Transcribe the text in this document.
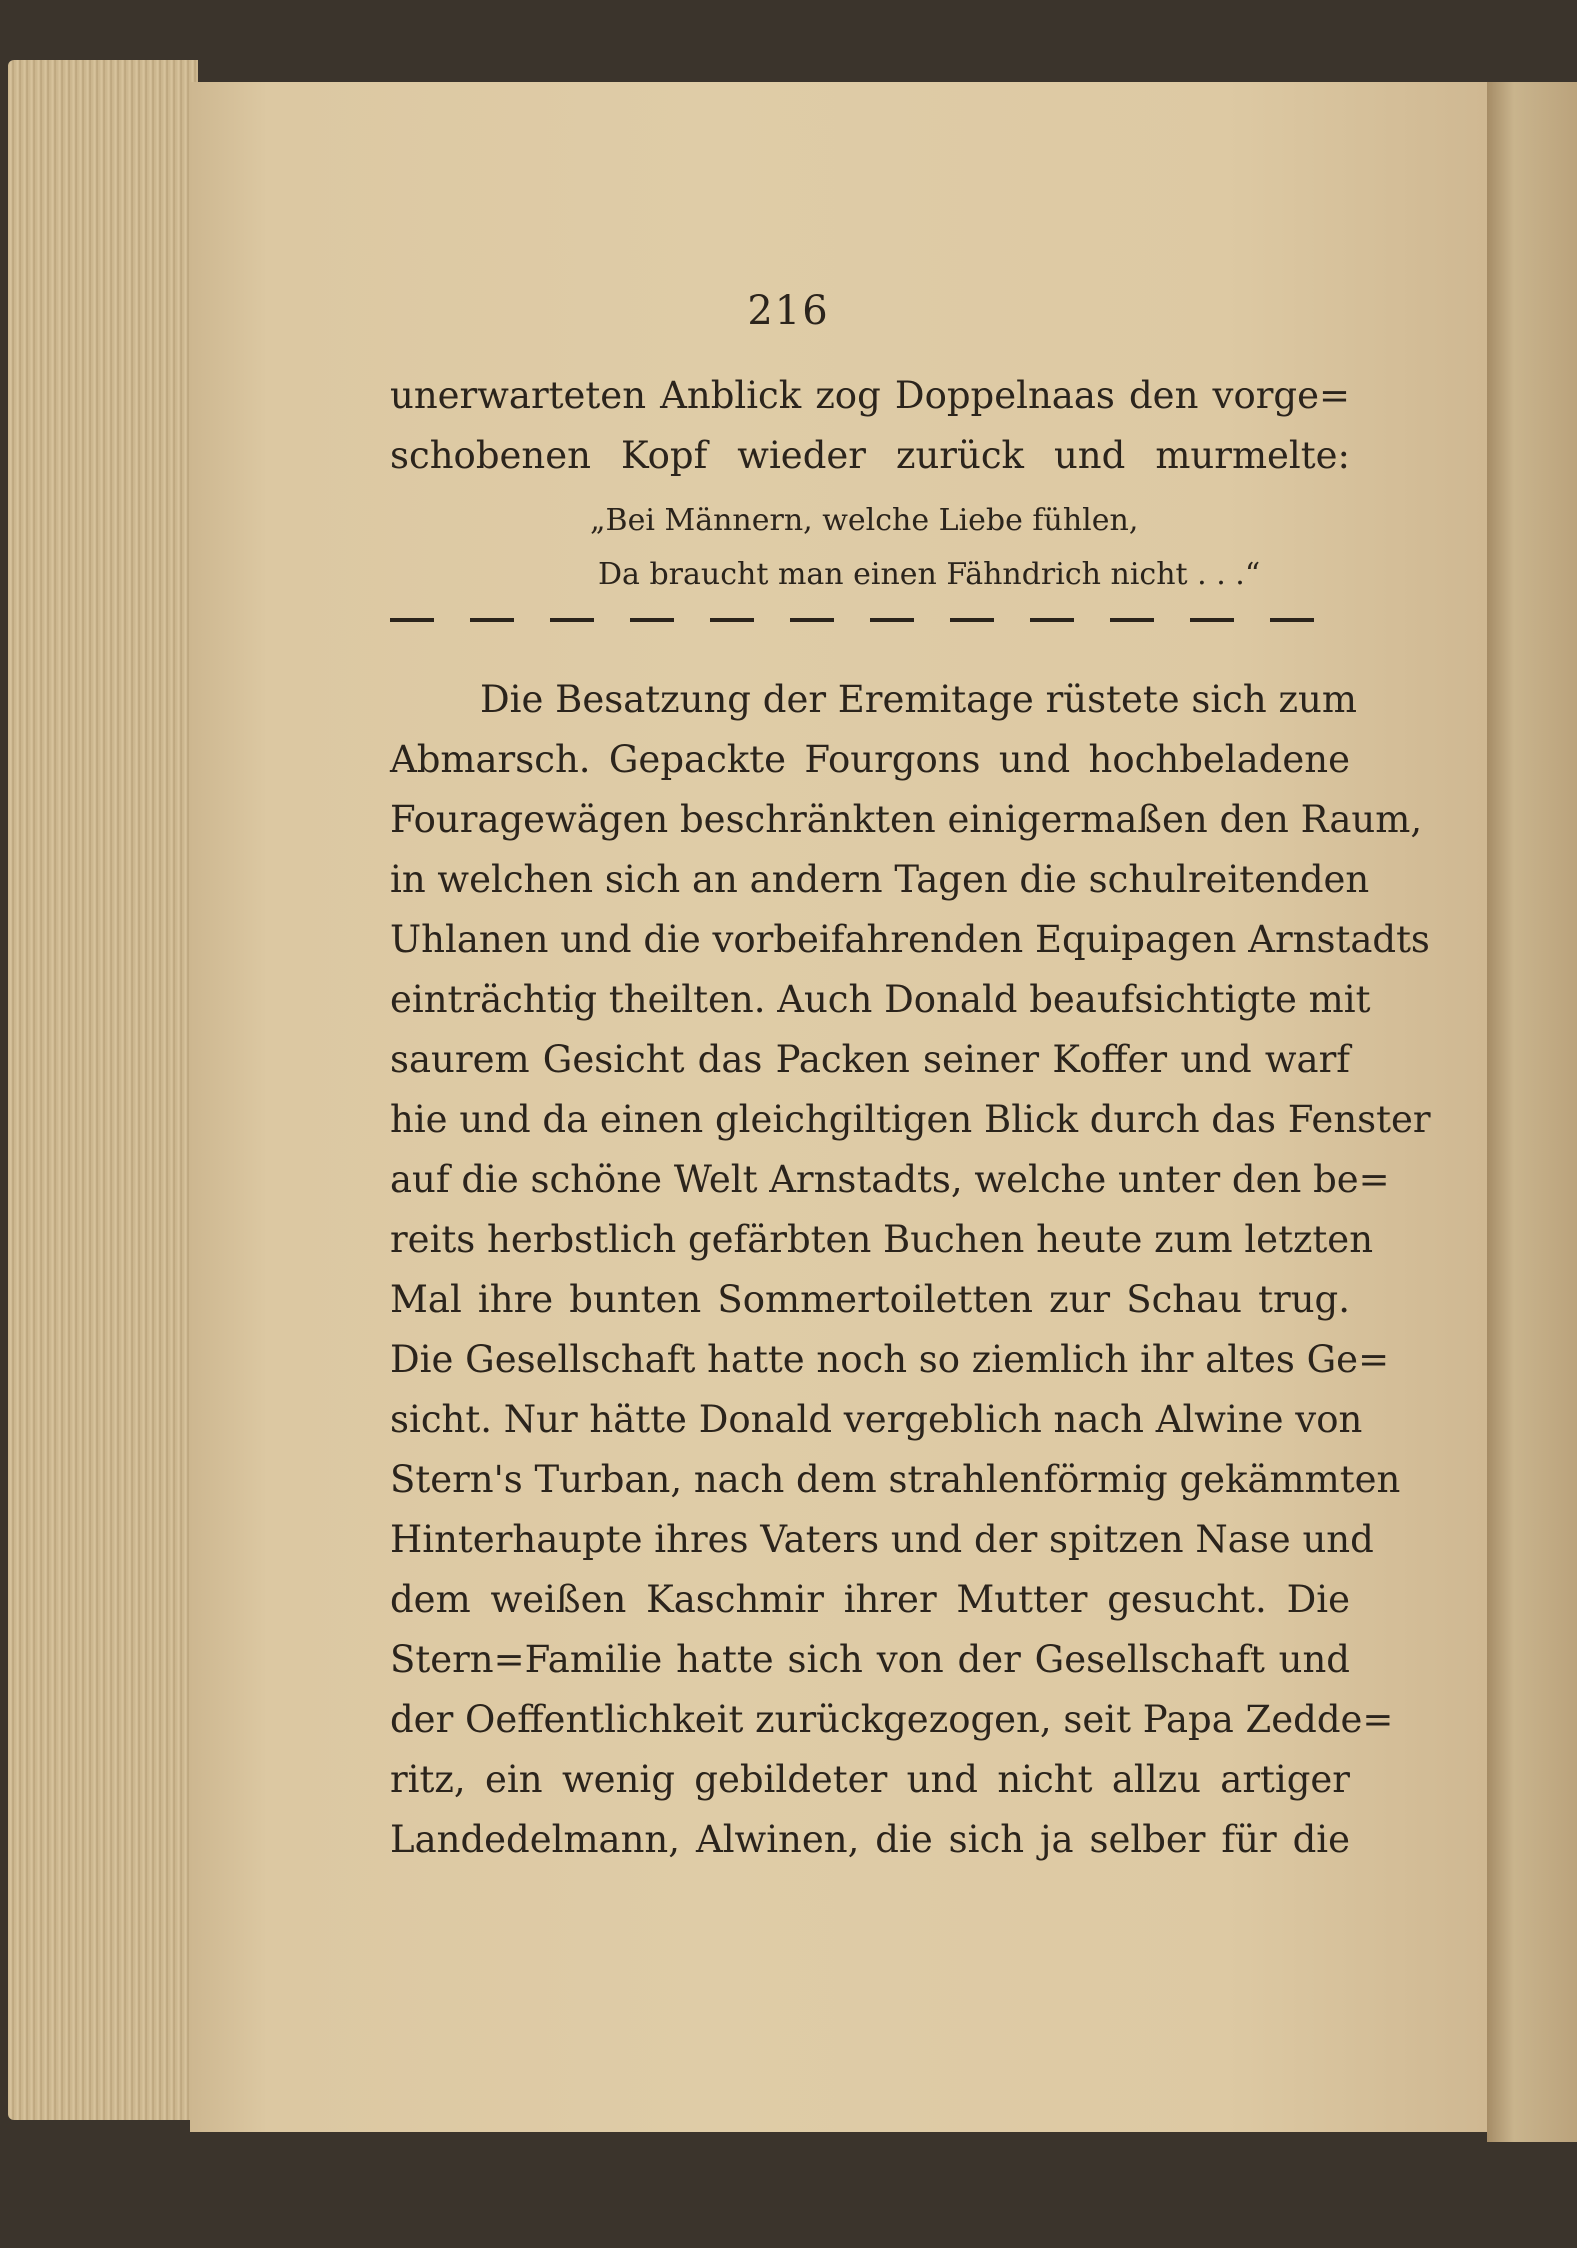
216
unerwarteten Anblick zog Doppelnaas den vorge=
schobenen Kopf wieder zurück und murmelte:
„Bei Männern, welche Liebe fühlen,
Da braucht man einen Fähndrich nicht . . .“
Die Besatzung der Eremitage rüstete sich zum
Abmarsch. Gepackte Fourgons und hochbeladene
Fouragewägen beschränkten einigermaßen den Raum,
in welchen sich an andern Tagen die schulreitenden
Uhlanen und die vorbeifahrenden Equipagen Arnstadts
einträchtig theilten. Auch Donald beaufsichtigte mit
saurem Gesicht das Packen seiner Koffer und warf
hie und da einen gleichgiltigen Blick durch das Fenster
auf die schöne Welt Arnstadts, welche unter den be=
reits herbstlich gefärbten Buchen heute zum letzten
Mal ihre bunten Sommertoiletten zur Schau trug.
Die Gesellschaft hatte noch so ziemlich ihr altes Ge=
sicht. Nur hätte Donald vergeblich nach Alwine von
Stern's Turban, nach dem strahlenförmig gekämmten
Hinterhaupte ihres Vaters und der spitzen Nase und
dem weißen Kaschmir ihrer Mutter gesucht. Die
Stern=Familie hatte sich von der Gesellschaft und
der Oeffentlichkeit zurückgezogen, seit Papa Zedde=
ritz, ein wenig gebildeter und nicht allzu artiger
Landedelmann, Alwinen, die sich ja selber für die
